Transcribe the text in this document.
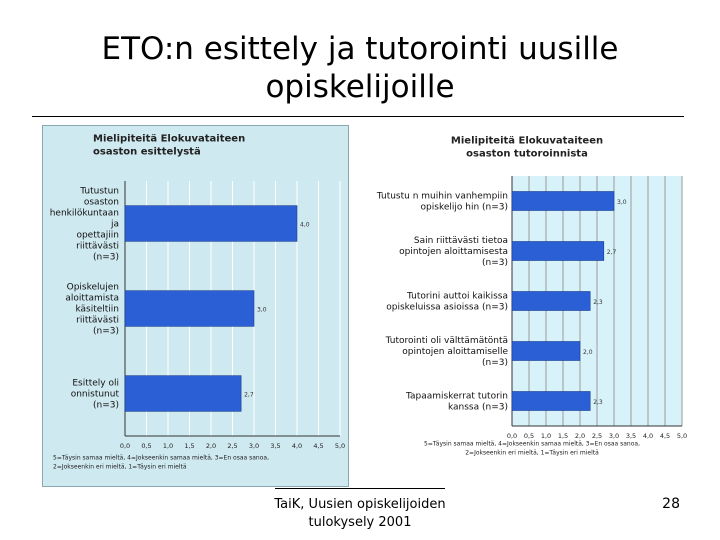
ETO:n esittely ja tutorointi uusille opiskelijoille
Mielipiteitä Elokuvataiteen
osaston esittelystä
4,0
Tutustun
osaston
henkilökuntaan
ja
opettajiin
riittävästi
(n=3)
3,0
Opiskelujen
aloittamista
käsiteltiin
riittävästi
(n=3)
2,7
Esittely oli
onnistunut
(n=3)
0,0 0,5 1,0 1,5 2,0 2,5 3,0 3,5 4,0 4,5 5,0
5=Täysin samaa mieltä, 4=Jokseenkin samaa mieltä, 3=En osaa sanoa,
2=Jokseenkin eri mieltä, 1=Täysin eri mieltä
Mielipiteitä Elokuvataiteen
osaston tutoroinnista
3,0
Tutustu n muihin vanhempiin
opiskelijo hin (n=3)
2,7
Sain riittävästi tietoa
opintojen aloittamisesta
(n=3)
2,3
Tutorini auttoi kaikissa
opiskeluissa asioissa (n=3)
2,0
Tutorointi oli välttämätöntä
opintojen aloittamiselle
(n=3)
2,3
Tapaamiskerrat tutorin
kanssa (n=3)
0,0 0,5 1,0 1,5 2,0 2,5 3,0 3,5 4,0 4,5 5,0
5=Täysin samaa mieltä, 4=Jokseenkin samaa mieltä, 3=En osaa sanoa,
2=Jokseenkin eri mieltä, 1=Täysin eri mieltä
TaiK, Uusien opiskelijoiden tulokysely 2001
28
